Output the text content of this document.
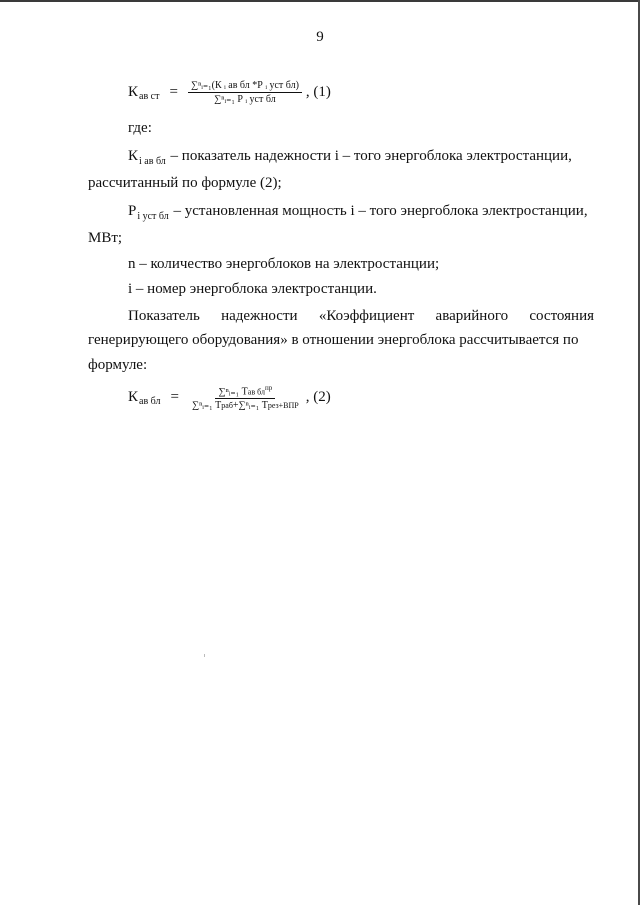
9
К ав ст = $\frac{\text{∑ⁿᵢ₌₁(К ᵢ ав бл *Р ᵢ уст бл)}}{\text{∑ⁿᵢ₌₁ Р ᵢ уст бл}}$ , (1)
где:
$К_{i ав бл}$ – показатель надежности i – того энергоблока электростанции,
рассчитанный по формуле (2);
$Р_{i уст бл}$ – установленная мощность i – того энергоблока электростанции,
МВт;
n – количество энергоблоков на электростанции;
i – номер энергоблока электростанции.
Показатель надежности «Коэффициент аварийного состояния
генерирующего оборудования» в отношении энергоблока рассчитывается по
формуле:
К ав бл = $\frac{\sum^nᵢ_{=1} Тав бл^{пр}}{\text{∑ⁿᵢ₌₁ Траб+∑ⁿᵢ₌₁ Трез+ВПР}}$ , (2)
